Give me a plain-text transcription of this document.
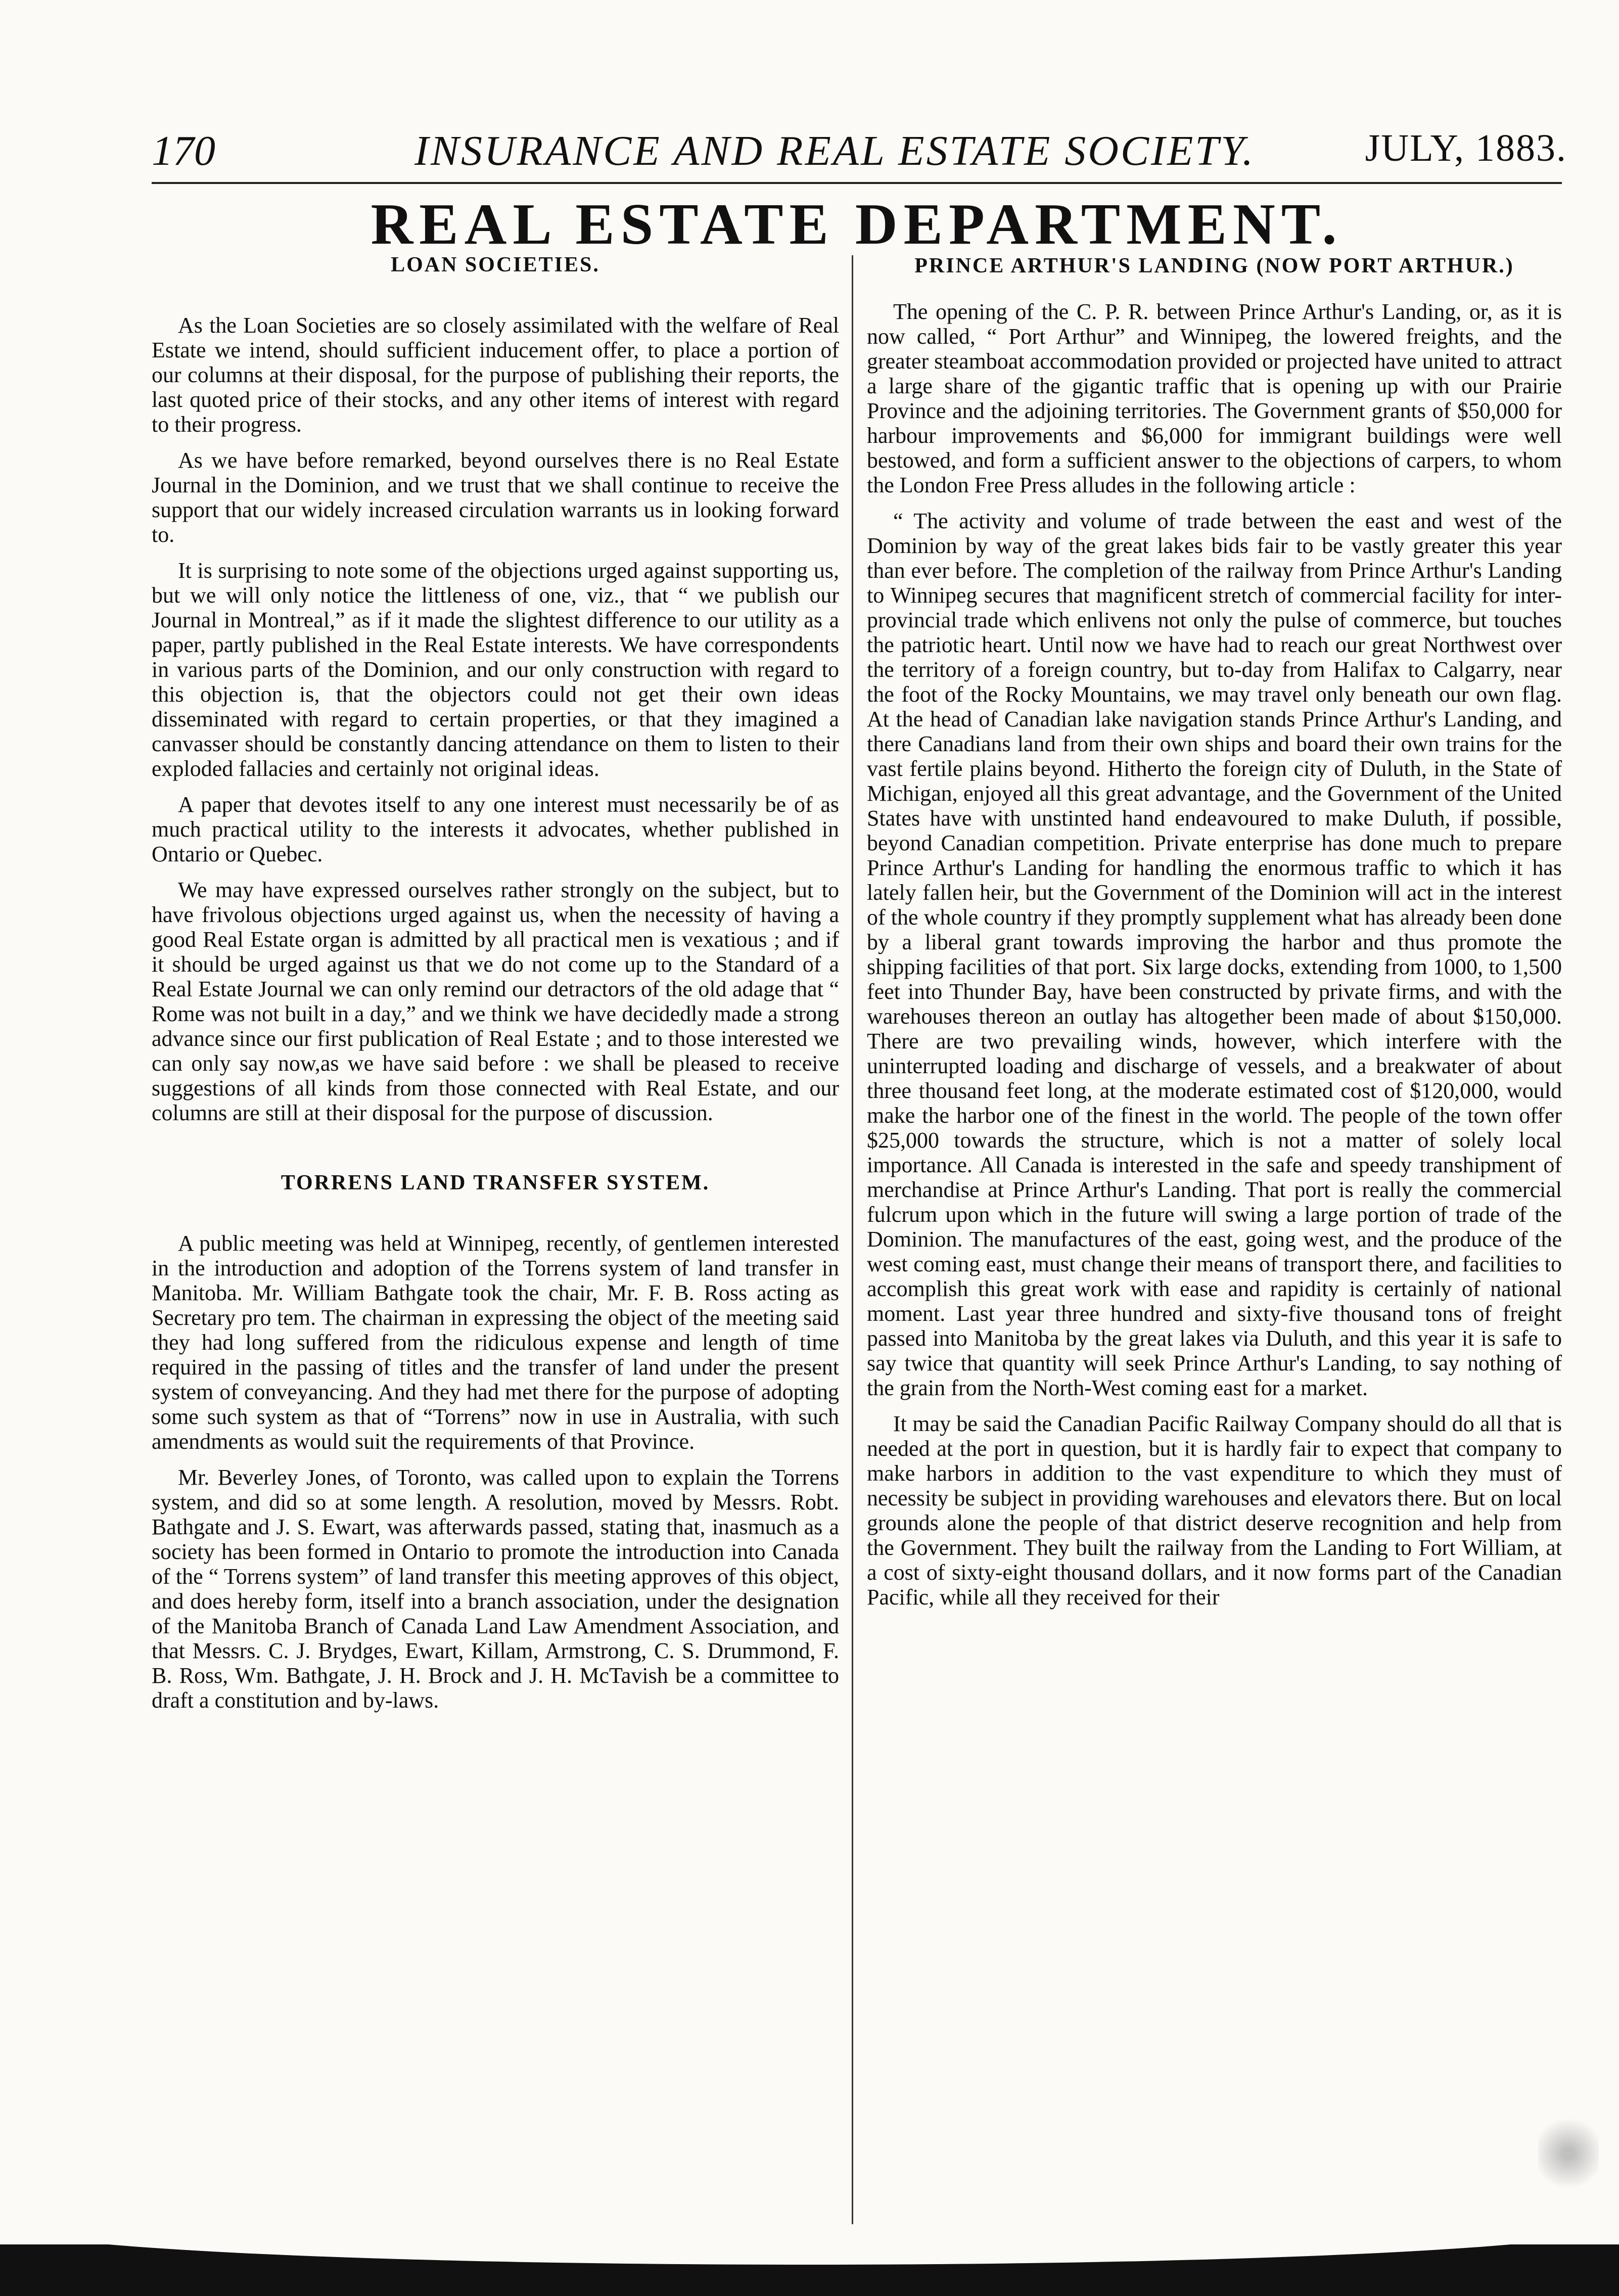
170	INSURANCE AND REAL ESTATE SOCIETY.	JULY, 1883.
REAL ESTATE DEPARTMENT.
LOAN SOCIETIES.

As the Loan Societies are so closely assimilated with the welfare of Real Estate we intend, should sufficient inducement offer, to place a portion of our columns at their disposal, for the purpose of publishing their reports, the last quoted price of their stocks, and any other items of interest with regard to their progress.

As we have before remarked, beyond ourselves there is no Real Estate Journal in the Dominion, and we trust that we shall continue to receive the support that our widely increased circulation warrants us in looking forward to.

It is surprising to note some of the objections urged against supporting us, but we will only notice the littleness of one, viz., that “ we publish our Journal in Montreal,” as if it made the slightest difference to our utility as a paper, partly published in the Real Estate interests. We have correspondents in various parts of the Dominion, and our only construction with regard to this objection is, that the objectors could not get their own ideas disseminated with regard to certain properties, or that they imagined a canvasser should be constantly dancing attendance on them to listen to their exploded fallacies and certainly not original ideas.

A paper that devotes itself to any one interest must necessarily be of as much practical utility to the interests it advocates, whether published in Ontario or Quebec.

We may have expressed ourselves rather strongly on the subject, but to have frivolous objections urged against us, when the necessity of having a good Real Estate organ is admitted by all practical men is vexatious ; and if it should be urged against us that we do not come up to the Standard of a Real Estate Journal we can only remind our detractors of the old adage that “ Rome was not built in a day,” and we think we have decidedly made a strong advance since our first publication of Real Estate ; and to those interested we can only say now,as we have said before : we shall be pleased to receive suggestions of all kinds from those connected with Real Estate, and our columns are still at their disposal for the purpose of discussion.

TORRENS LAND TRANSFER SYSTEM.

A public meeting was held at Winnipeg, recently, of gentlemen interested in the introduction and adoption of the Torrens system of land transfer in Manitoba. Mr. William Bathgate took the chair, Mr. F. B. Ross acting as Secretary pro tem. The chairman in expressing the object of the meeting said they had long suffered from the ridiculous expense and length of time required in the passing of titles and the transfer of land under the present system of conveyancing. And they had met there for the purpose of adopting some such system as that of “Torrens” now in use in Australia, with such amendments as would suit the requirements of that Province.

Mr. Beverley Jones, of Toronto, was called upon to explain the Torrens system, and did so at some length. A resolution, moved by Messrs. Robt. Bathgate and J. S. Ewart, was afterwards passed, stating that, inasmuch as a society has been formed in Ontario to promote the introduction into Canada of the “ Torrens system” of land transfer this meeting approves of this object, and does hereby form, itself into a branch association, under the designation of the Manitoba Branch of Canada Land Law Amendment Association, and that Messrs. C. J. Brydges, Ewart, Killam, Armstrong, C. S. Drummond, F. B. Ross, Wm. Bathgate, J. H. Brock and J. H. McTavish be a committee to draft a constitution and by-laws.

PRINCE ARTHUR'S LANDING (NOW PORT ARTHUR.)

The opening of the C. P. R. between Prince Arthur's Landing, or, as it is now called, “ Port Arthur” and Winnipeg, the lowered freights, and the greater steamboat accommodation provided or projected have united to attract a large share of the gigantic traffic that is opening up with our Prairie Province and the adjoining territories. The Government grants of $50,000 for harbour improvements and $6,000 for immigrant buildings were well bestowed, and form a sufficient answer to the objections of carpers, to whom the London Free Press alludes in the following article :

“ The activity and volume of trade between the east and west of the Dominion by way of the great lakes bids fair to be vastly greater this year than ever before. The completion of the railway from Prince Arthur's Landing to Winnipeg secures that magnificent stretch of commercial facility for inter-provincial trade which enlivens not only the pulse of commerce, but touches the patriotic heart. Until now we have had to reach our great Northwest over the territory of a foreign country, but to-day from Halifax to Calgarry, near the foot of the Rocky Mountains, we may travel only beneath our own flag. At the head of Canadian lake navigation stands Prince Arthur's Landing, and there Canadians land from their own ships and board their own trains for the vast fertile plains beyond. Hitherto the foreign city of Duluth, in the State of Michigan, enjoyed all this great advantage, and the Government of the United States have with unstinted hand endeavoured to make Duluth, if possible, beyond Canadian competition. Private enterprise has done much to prepare Prince Arthur's Landing for handling the enormous traffic to which it has lately fallen heir, but the Government of the Dominion will act in the interest of the whole country if they promptly supplement what has already been done by a liberal grant towards improving the harbor and thus promote the shipping facilities of that port. Six large docks, extending from 1000, to 1,500 feet into Thunder Bay, have been constructed by private firms, and with the warehouses thereon an outlay has altogether been made of about $150,000. There are two prevailing winds, however, which interfere with the uninterrupted loading and discharge of vessels, and a breakwater of about three thousand feet long, at the moderate estimated cost of $120,000, would make the harbor one of the finest in the world. The people of the town offer $25,000 towards the structure, which is not a matter of solely local importance. All Canada is interested in the safe and speedy transhipment of merchandise at Prince Arthur's Landing. That port is really the commercial fulcrum upon which in the future will swing a large portion of trade of the Dominion. The manufactures of the east, going west, and the produce of the west coming east, must change their means of transport there, and facilities to accomplish this great work with ease and rapidity is certainly of national moment. Last year three hundred and sixty-five thousand tons of freight passed into Manitoba by the great lakes via Duluth, and this year it is safe to say twice that quantity will seek Prince Arthur's Landing, to say nothing of the grain from the North-West coming east for a market.

It may be said the Canadian Pacific Railway Company should do all that is needed at the port in question, but it is hardly fair to expect that company to make harbors in addition to the vast expenditure to which they must of necessity be subject in providing warehouses and elevators there. But on local grounds alone the people of that district deserve recognition and help from the Government. They built the railway from the Landing to Fort William, at a cost of sixty-eight thousand dollars, and it now forms part of the Canadian Pacific, while all they received for their
